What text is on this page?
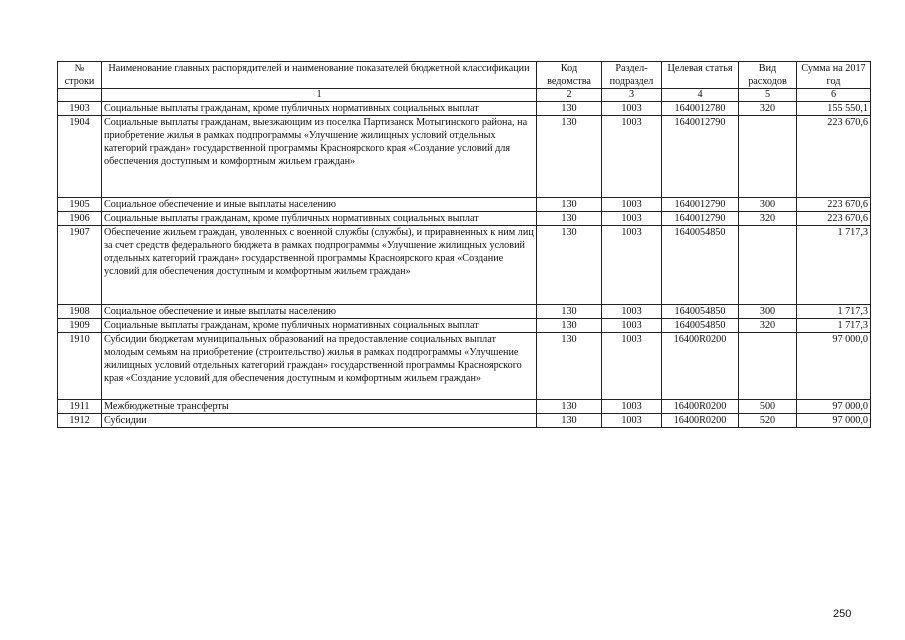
№ строки	Наименование главных распорядителей и наименование показателей бюджетной классификации	Код ведомства	Раздел- подраздел	Целевая статья	Вид расходов	Сумма на 2017 год
	1	2	3	4	5	6
1903	Социальные выплаты гражданам, кроме публичных нормативных социальных выплат	130	1003	1640012780	320	155 550,1
1904	Социальные выплаты гражданам, выезжающим из поселка Партизанск Мотыгинского района, на приобретение жилья в рамках подпрограммы «Улучшение жилищных условий отдельных категорий граждан» государственной программы Красноярского края «Создание условий для обеспечения доступным и комфортным жильем граждан»	130	1003	1640012790		223 670,6
1905	Социальное обеспечение и иные выплаты населению	130	1003	1640012790	300	223 670,6
1906	Социальные выплаты гражданам, кроме публичных нормативных социальных выплат	130	1003	1640012790	320	223 670,6
1907	Обеспечение жильем граждан, уволенных с военной службы (службы), и приравненных к ним лиц за счет средств федерального бюджета в рамках подпрограммы «Улучшение жилищных условий отдельных категорий граждан» государственной программы Красноярского края «Создание условий для обеспечения доступным и комфортным жильем граждан»	130	1003	1640054850		1 717,3
1908	Социальное обеспечение и иные выплаты населению	130	1003	1640054850	300	1 717,3
1909	Социальные выплаты гражданам, кроме публичных нормативных социальных выплат	130	1003	1640054850	320	1 717,3
1910	Субсидии бюджетам муниципальных образований на предоставление социальных выплат молодым семьям на приобретение (строительство) жилья в рамках подпрограммы «Улучшение жилищных условий отдельных категорий граждан» государственной программы Красноярского края «Создание условий для обеспечения доступным и комфортным жильем граждан»	130	1003	16400R0200		97 000,0
1911	Межбюджетные трансферты	130	1003	16400R0200	500	97 000,0
1912	Субсидии	130	1003	16400R0200	520	97 000,0
250
